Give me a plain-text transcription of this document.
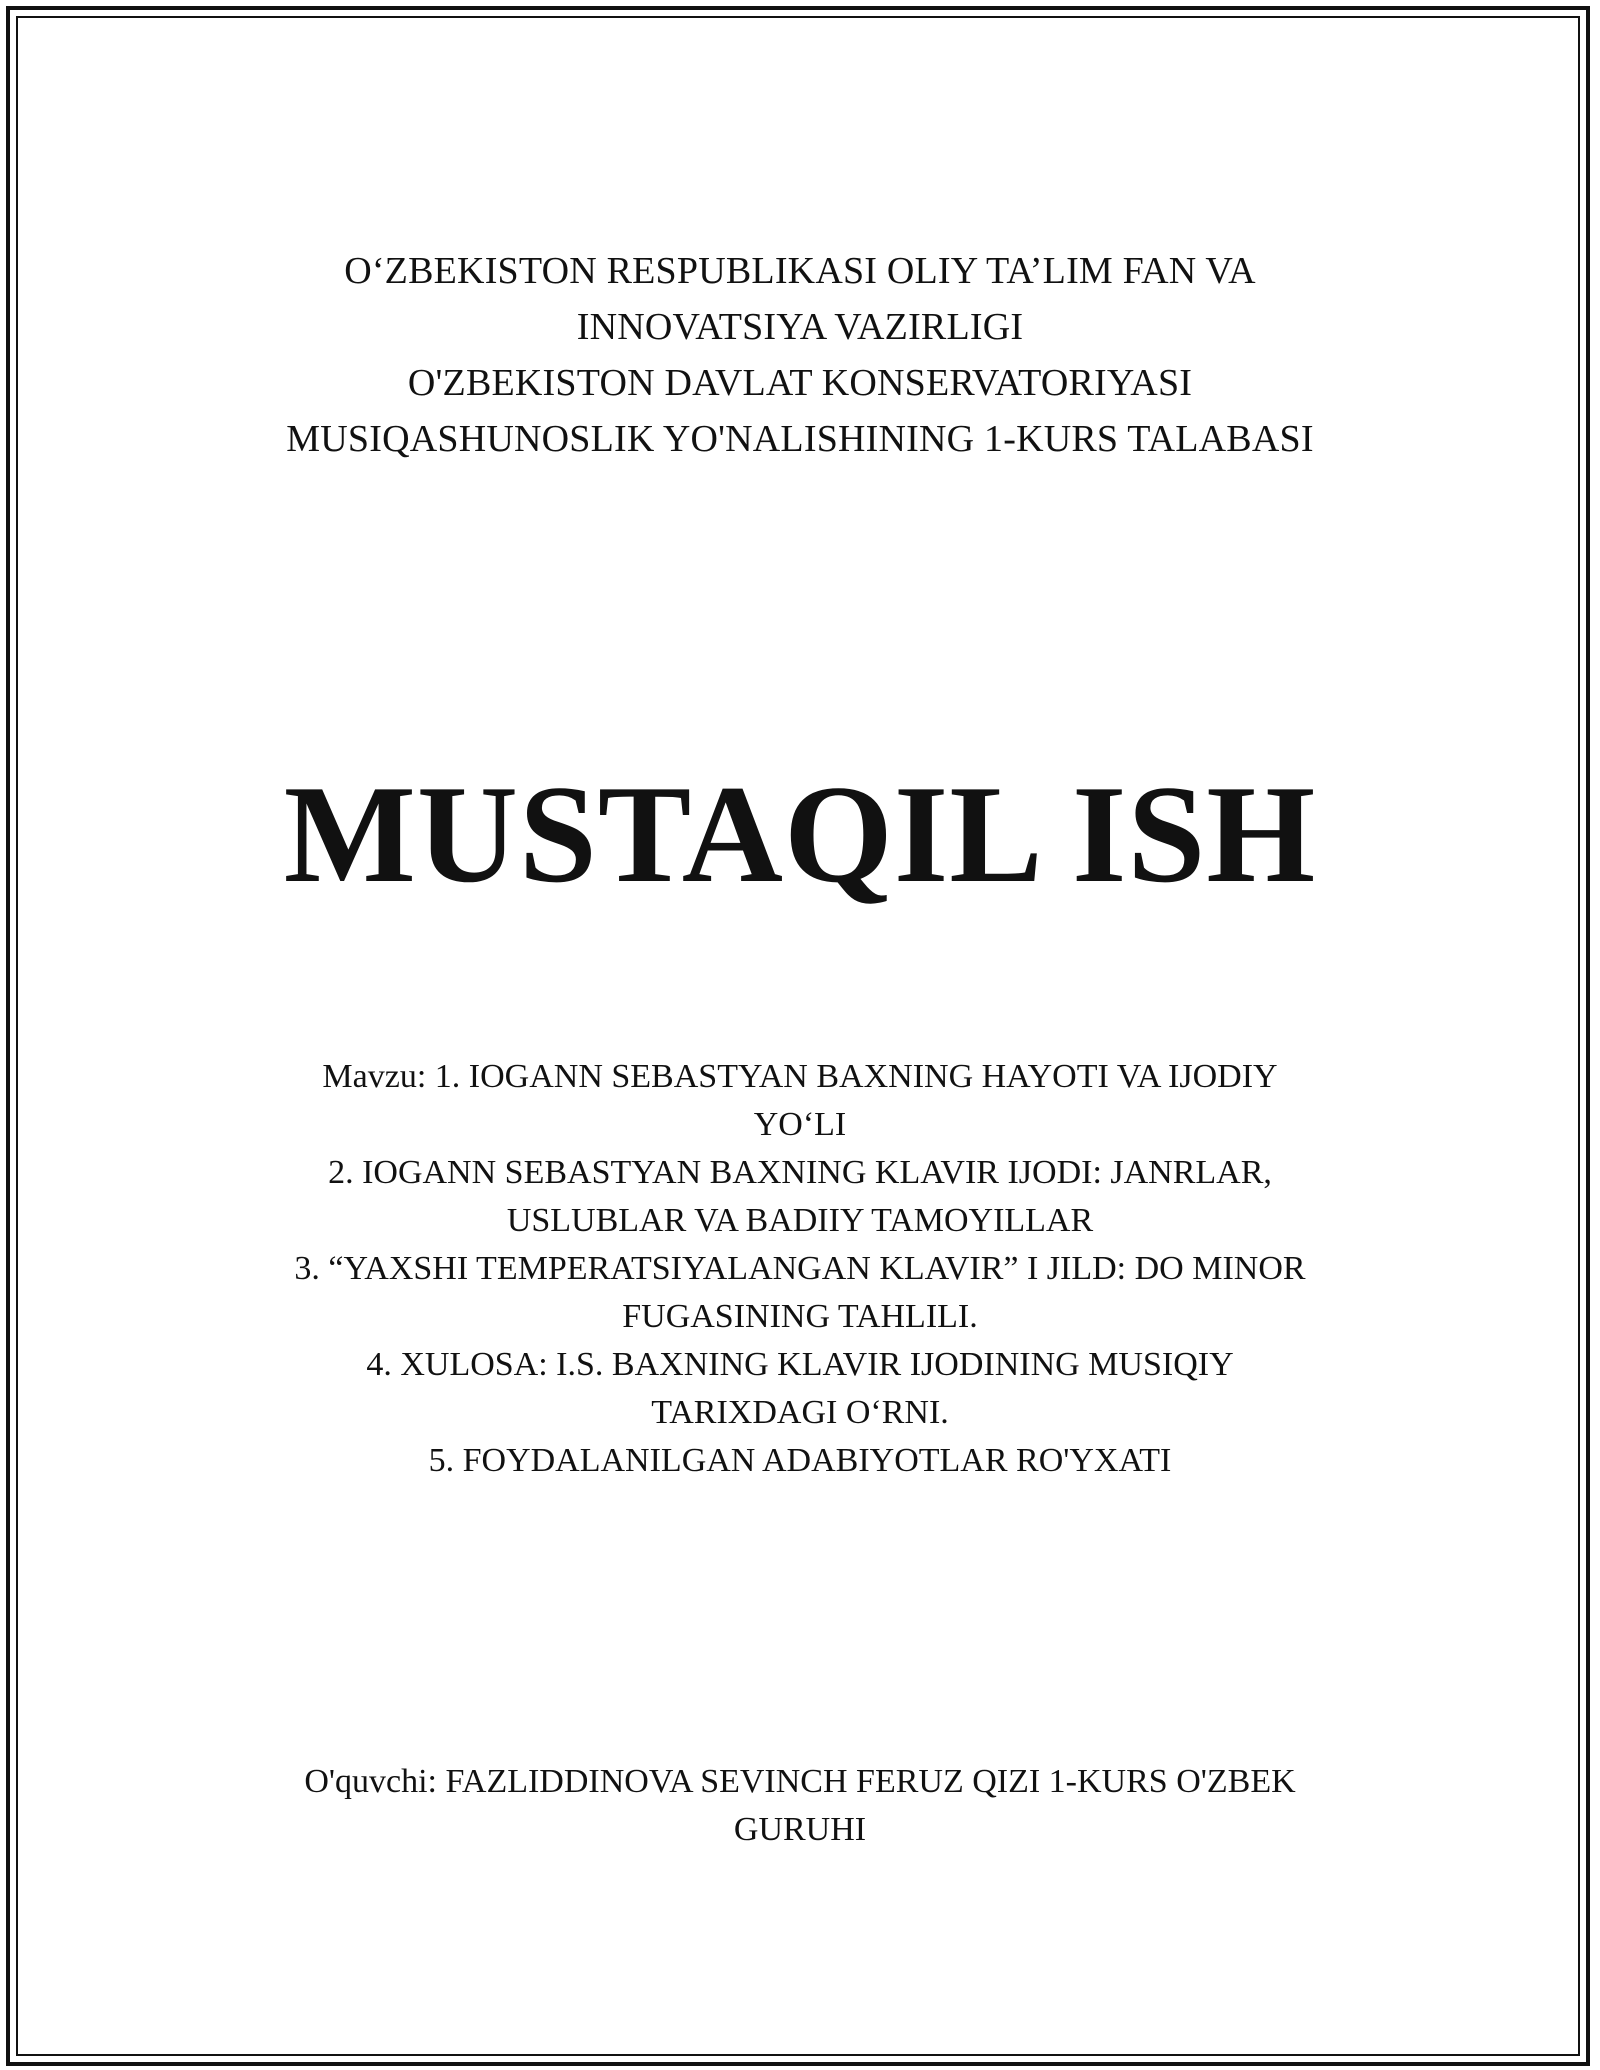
O‘ZBEKISTON RESPUBLIKASI OLIY TA’LIM FAN VA
INNOVATSIYA VAZIRLIGI
O'ZBEKISTON DAVLAT KONSERVATORIYASI
MUSIQASHUNOSLIK YO'NALISHINING 1-KURS TALABASI
MUSTAQIL ISH
Mavzu: 1. IOGANN SEBASTYAN BAXNING HAYOTI VA IJODIY
YO‘LI
2. IOGANN SEBASTYAN BAXNING KLAVIR IJODI: JANRLAR,
USLUBLAR VA BADIIY TAMOYILLAR
3. “YAXSHI TEMPERATSIYALANGAN KLAVIR” I JILD: DO MINOR
FUGASINING TAHLILI.
4. XULOSA: I.S. BAXNING KLAVIR IJODINING MUSIQIY
TARIXDAGI O‘RNI.
5. FOYDALANILGAN ADABIYOTLAR RO'YXATI
O'quvchi: FAZLIDDINOVA SEVINCH FERUZ QIZI 1-KURS O'ZBEK
GURUHI
